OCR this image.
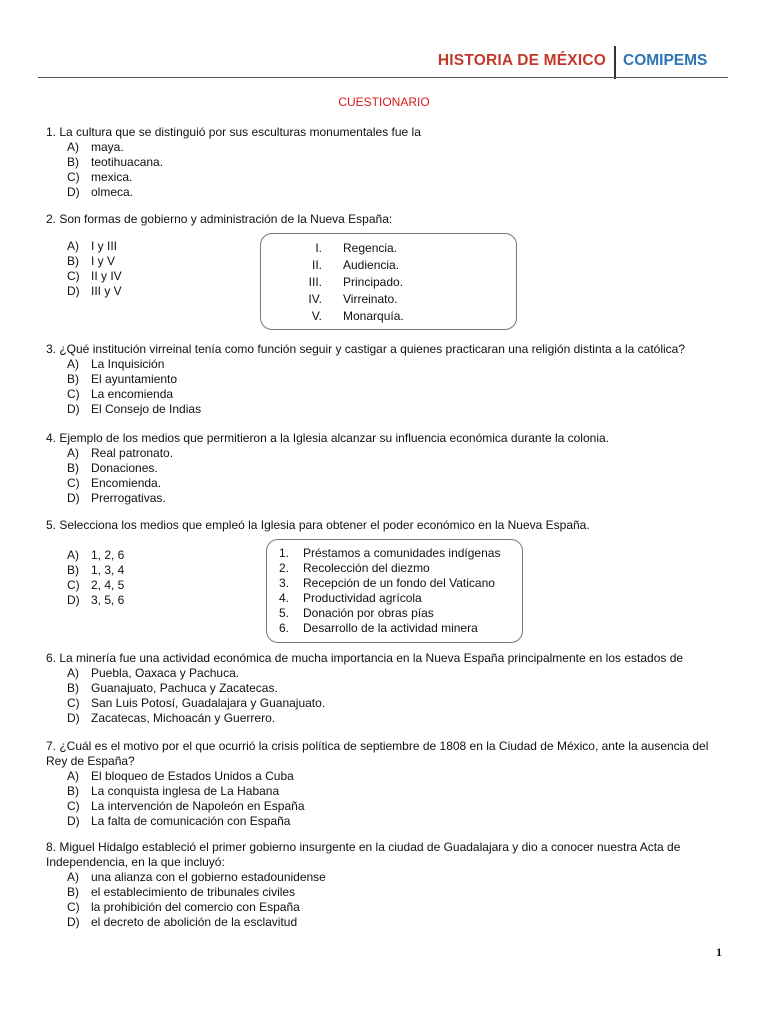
HISTORIA DE MÉXICO COMIPEMS
CUESTIONARIO

1. La cultura que se distinguió por sus esculturas monumentales fue la

A)	maya.
B)	teotihuacana.
C) mexica.
D) olmeca.

2. Son formas de gobierno y administración de la Nueva España:

A)	I y III
B)	I y V
C) II y IV
D) III y V
I.	Regencia.
II.	Audiencia.
III.	Principado.
IV.	Virreinato.
V.	Monarquía.

3. ¿Qué institución virreinal tenía como función seguir y castigar a quienes practicaran una religión distinta a la católica?

A)	La Inquisición
B)	El ayuntamiento
C) La encomienda
D) El Consejo de Indias

4. Ejemplo de los medios que permitieron a la Iglesia alcanzar su influencia económica durante la colonia.

A)	Real patronato.
B)	Donaciones.
C) Encomienda.
D) Prerrogativas.

5. Selecciona los medios que empleó la Iglesia para obtener el poder económico en la Nueva España.

A)	1, 2, 6
B)	1, 3, 4
C) 2, 4, 5
D) 3, 5, 6
1.	Préstamos a comunidades indígenas
2.	Recolección del diezmo
3.	Recepción de un fondo del Vaticano
4.	Productividad agrícola
5.	Donación por obras pías
6.	Desarrollo de la actividad minera

6. La minería fue una actividad económica de mucha importancia en la Nueva España principalmente en los estados de

A)	Puebla, Oaxaca y Pachuca.
B)	Guanajuato, Pachuca y Zacatecas.
C) San Luis Potosí, Guadalajara y Guanajuato.
D) Zacatecas, Michoacán y Guerrero.

7. ¿Cuál es el motivo por el que ocurrió la crisis política de septiembre de 1808 en la Ciudad de México, ante la ausencia del Rey de España?

A)	El bloqueo de Estados Unidos a Cuba
B)	La conquista inglesa de La Habana
C) La intervención de Napoleón en España
D) La falta de comunicación con España

8. Miguel Hidalgo estableció el primer gobierno insurgente en la ciudad de Guadalajara y dio a conocer nuestra Acta de Independencia, en la que incluyó:

A)	una alianza con el gobierno estadounidense
B)	el establecimiento de tribunales civiles
C) la prohibición del comercio con España
D) el decreto de abolición de la esclavitud
1
